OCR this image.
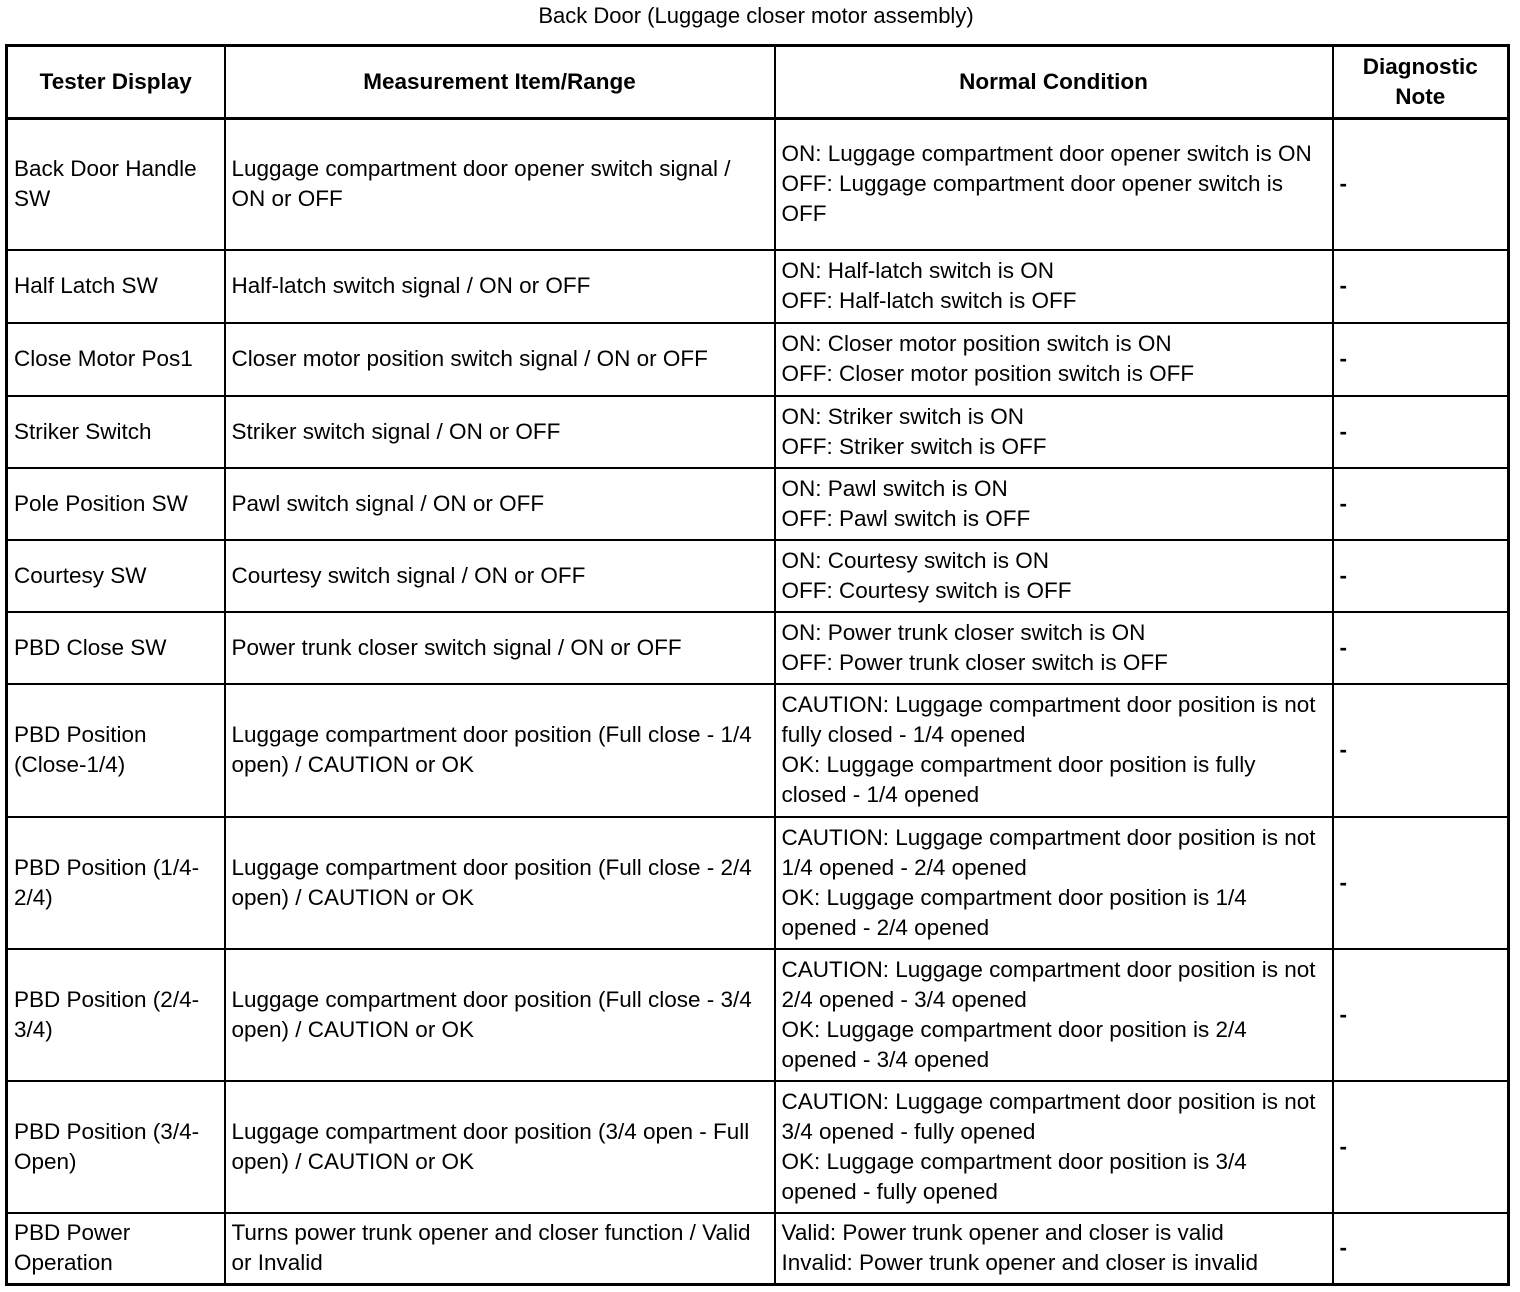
Back Door (Luggage closer motor assembly)
Tester Display	Measurement Item/Range	Normal Condition	Diagnostic
Note

Back Door Handle SW	Luggage compartment door opener switch signal / ON or OFF	ON: Luggage compartment door opener switch is ON
OFF: Luggage compartment door opener switch is OFF	-
Half Latch SW	Half-latch switch signal / ON or OFF	ON: Half-latch switch is ON
OFF: Half-latch switch is OFF	-
Close Motor Pos1	Closer motor position switch signal / ON or OFF	ON: Closer motor position switch is ON
OFF: Closer motor position switch is OFF	-
Striker Switch	Striker switch signal / ON or OFF	ON: Striker switch is ON
OFF: Striker switch is OFF	-
Pole Position SW	Pawl switch signal / ON or OFF	ON: Pawl switch is ON
OFF: Pawl switch is OFF	-
Courtesy SW	Courtesy switch signal / ON or OFF	ON: Courtesy switch is ON
OFF: Courtesy switch is OFF	-
PBD Close SW	Power trunk closer switch signal / ON or OFF	ON: Power trunk closer switch is ON
OFF: Power trunk closer switch is OFF	-
PBD Position (Close-1/4)	Luggage compartment door position (Full close - 1/4 open) / CAUTION or OK	CAUTION: Luggage compartment door position is not fully closed - 1/4 opened
OK: Luggage compartment door position is fully closed - 1/4 opened	-
PBD Position (1/4-2/4)	Luggage compartment door position (Full close - 2/4 open) / CAUTION or OK	CAUTION: Luggage compartment door position is not 1/4 opened - 2/4 opened
OK: Luggage compartment door position is 1/4 opened - 2/4 opened	-
PBD Position (2/4-3/4)	Luggage compartment door position (Full close - 3/4 open) / CAUTION or OK	CAUTION: Luggage compartment door position is not 2/4 opened - 3/4 opened
OK: Luggage compartment door position is 2/4 opened - 3/4 opened	-
PBD Position (3/4-Open)	Luggage compartment door position (3/4 open - Full open) / CAUTION or OK	CAUTION: Luggage compartment door position is not 3/4 opened - fully opened
OK: Luggage compartment door position is 3/4 opened - fully opened	-
PBD Power Operation	Turns power trunk opener and closer function / Valid or Invalid	Valid: Power trunk opener and closer is valid
Invalid: Power trunk opener and closer is invalid	-
